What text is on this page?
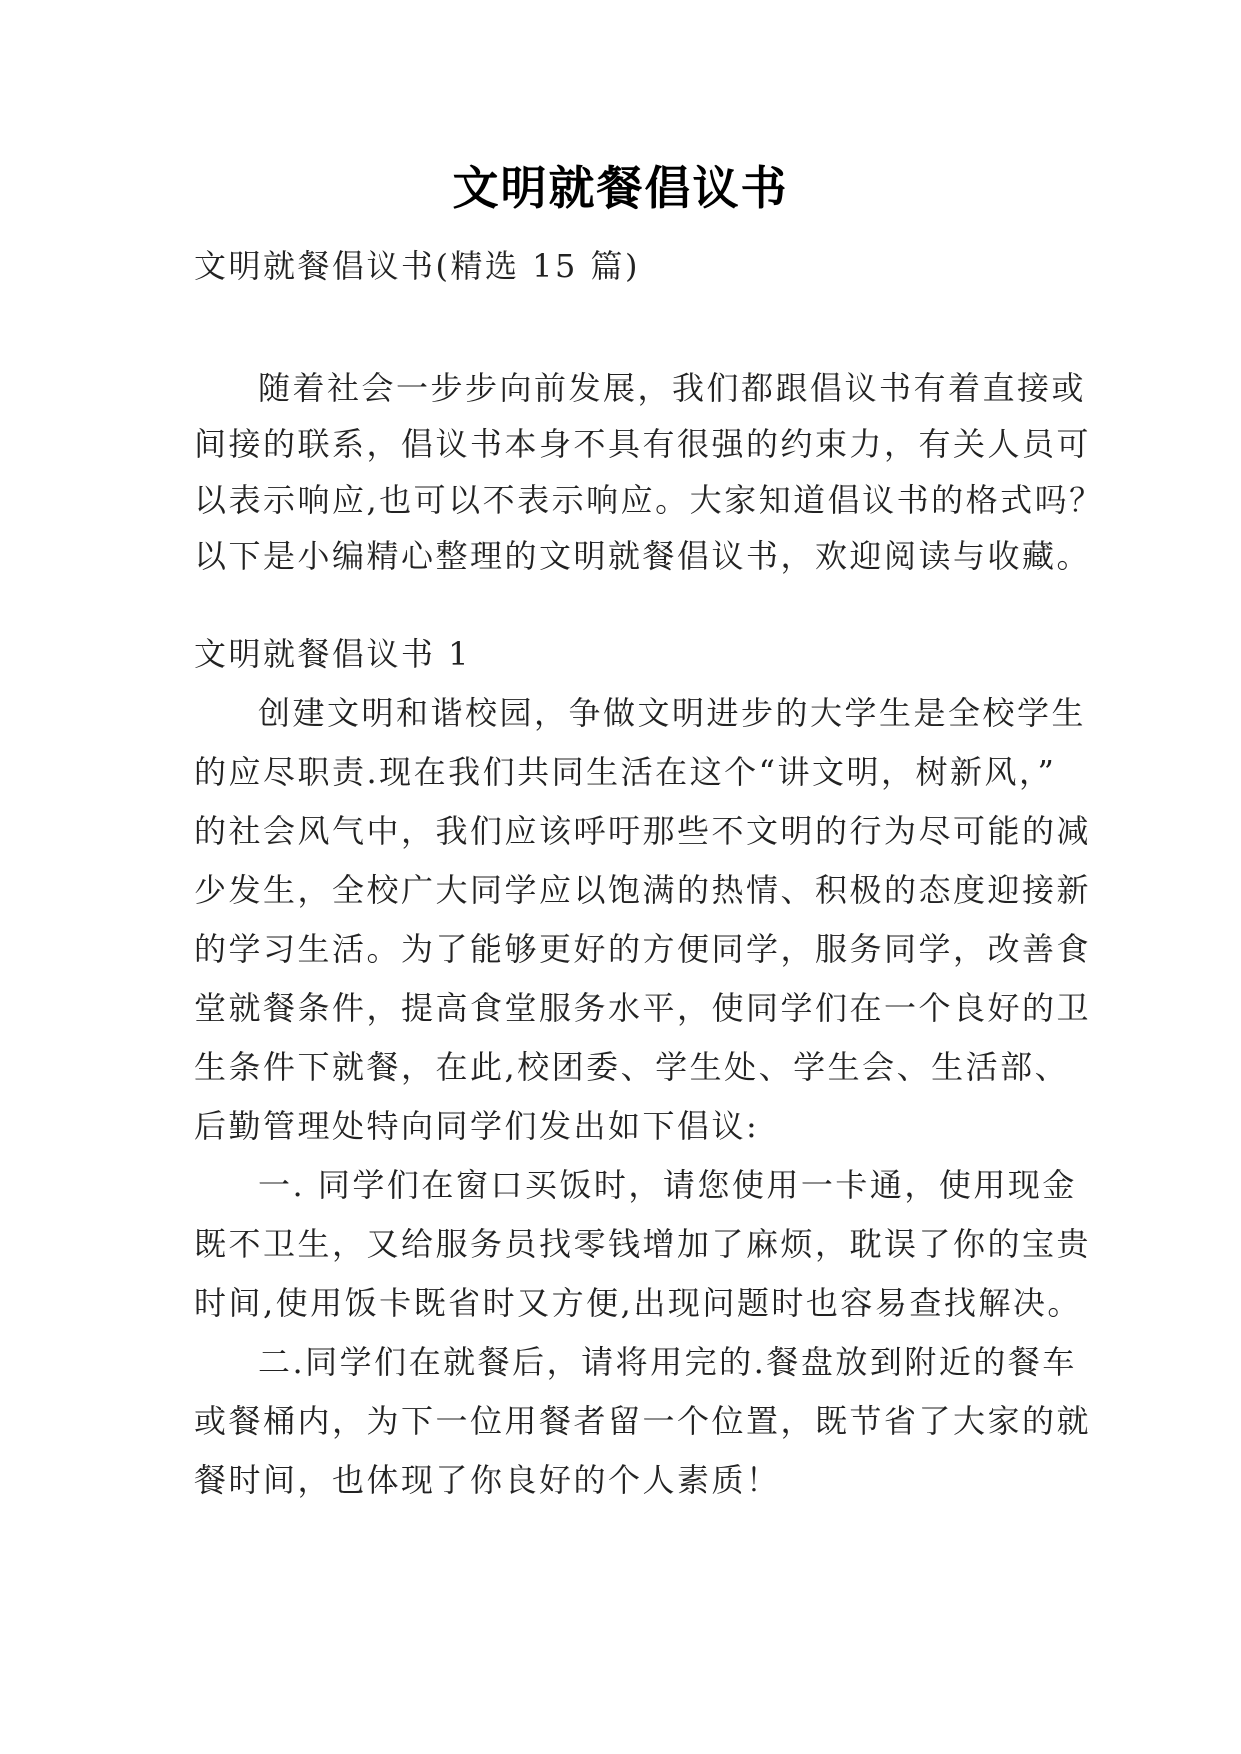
文明就餐倡议书
文明就餐倡议书(精选 15 篇)
随着社会一步步向前发展，我们都跟倡议书有着直接或
间接的联系，倡议书本身不具有很强的约束力，有关人员可
以表示响应,也可以不表示响应。大家知道倡议书的格式吗？
以下是小编精心整理的文明就餐倡议书，欢迎阅读与收藏。
文明就餐倡议书 1
创建文明和谐校园，争做文明进步的大学生是全校学生
的应尽职责.现在我们共同生活在这个“讲文明，树新风，”
的社会风气中，我们应该呼吁那些不文明的行为尽可能的减
少发生，全校广大同学应以饱满的热情、积极的态度迎接新
的学习生活。为了能够更好的方便同学，服务同学，改善食
堂就餐条件，提高食堂服务水平，使同学们在一个良好的卫
生条件下就餐，在此,校团委、学生处、学生会、生活部、
后勤管理处特向同学们发出如下倡议:
一. 同学们在窗口买饭时，请您使用一卡通，使用现金
既不卫生，又给服务员找零钱增加了麻烦，耽误了你的宝贵
时间,使用饭卡既省时又方便,出现问题时也容易查找解决。
二.同学们在就餐后，请将用完的.餐盘放到附近的餐车
或餐桶内，为下一位用餐者留一个位置，既节省了大家的就
餐时间，也体现了你良好的个人素质！
